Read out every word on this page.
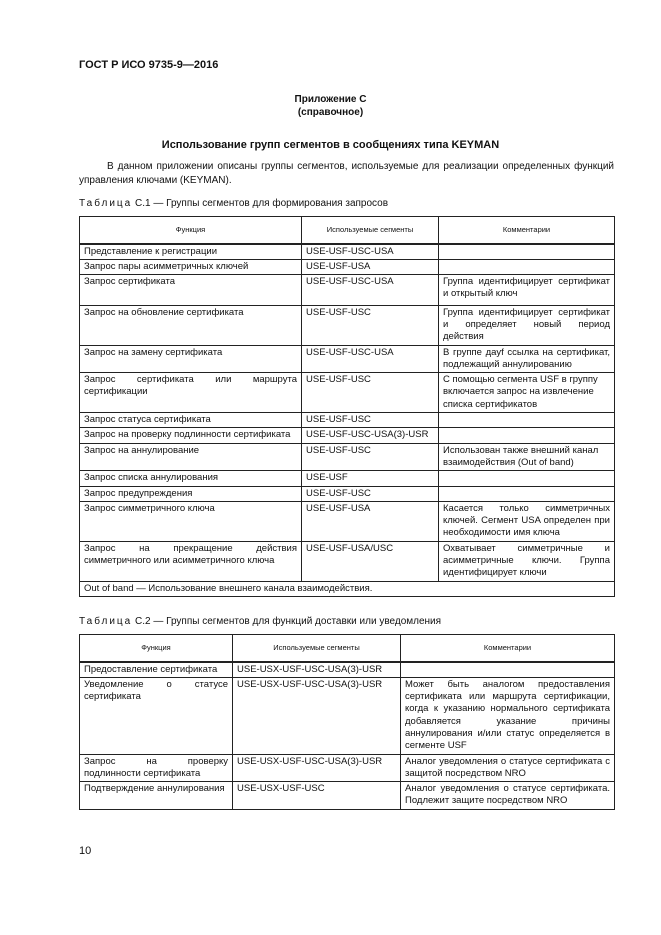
ГОСТ Р ИСО 9735-9—2016
Приложение С
(справочное)
Использование групп сегментов в сообщениях типа KEYMAN
В данном приложении описаны группы сегментов, используемые для реализации определенных функций управления ключами (KEYMAN).
Таблица С.1 — Группы сегментов для формирования запросов
Функция	Используемые сегменты	Комментарии
Представление к регистрации	USE-USF-USC-USA	
Запрос пары асимметричных ключей	USE-USF-USA	
Запрос сертификата	USE-USF-USC-USA	Группа идентифицирует сертификат и открытый ключ
Запрос на обновление сертификата	USE-USF-USC	Группа идентифицирует сертификат и определяет новый период действия
Запрос на замену сертификата	USE-USF-USC-USA	В группе дауf ссылка на сертификат, подлежащий аннулированию
Запрос сертификата или маршрута сертификации	USE-USF-USC	С помощью сегмента USF в группу включается запрос на извлечение списка сертификатов
Запрос статуса сертификата	USE-USF-USC	
Запрос на проверку подлинности сертификата	USE-USF-USC-USA(3)-USR	
Запрос на аннулирование	USE-USF-USC	Использован также внешний канал взаимодействия (Out of band)
Запрос списка аннулирования	USE-USF	
Запрос предупреждения	USE-USF-USC	
Запрос симметричного ключа	USE-USF-USA	Касается только симметричных ключей. Сегмент USA определен при необходимости имя ключа
Запрос на прекращение действия симметричного или асимметричного ключа	USE-USF-USA/USC	Охватывает симметричные и асимметричные ключи. Группа идентифицирует ключи
Out of band — Использование внешнего канала взаимодействия.		
Таблица С.2 — Группы сегментов для функций доставки или уведомления
Функция	Используемые сегменты	Комментарии
Предоставление сертификата	USE-USX-USF-USC-USA(3)-USR	
Уведомление о статусе сертификата	USE-USX-USF-USC-USA(3)-USR	Может быть аналогом предоставления сертификата или маршрута сертификации, когда к указанию нормального сертификата добавляется указание причины аннулирования и/или статус определяется в сегменте USF
Запрос на проверку подлинности сертификата	USE-USX-USF-USC-USA(3)-USR	Аналог уведомления о статусе сертификата с защитой посредством NRO
Подтверждение аннулирования	USE-USX-USF-USC	Аналог уведомления о статусе сертификата. Подлежит защите посредством NRO
10
